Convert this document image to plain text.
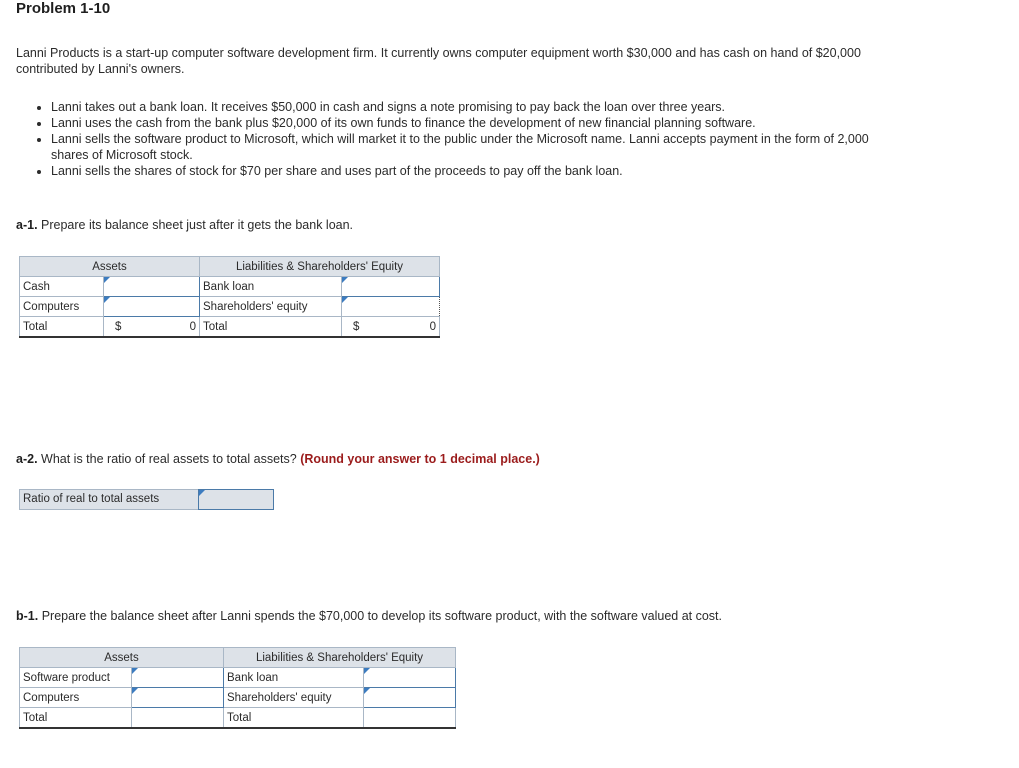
Problem 1-10
Lanni Products is a start-up computer software development firm. It currently owns computer equipment worth $30,000 and has cash on hand of $20,000 contributed by Lanni's owners.
• Lanni takes out a bank loan. It receives $50,000 in cash and signs a note promising to pay back the loan over three years.
• Lanni uses the cash from the bank plus $20,000 of its own funds to finance the development of new financial planning software.
• Lanni sells the software product to Microsoft, which will market it to the public under the Microsoft name. Lanni accepts payment in the form of 2,000 shares of Microsoft stock.
• Lanni sells the shares of stock for $70 per share and uses part of the proceeds to pay off the bank loan.
a-1. Prepare its balance sheet just after it gets the bank loan.
Assets		Liabilities & Shareholders' Equity	
Cash		Bank loan	
Computers		Shareholders' equity	
Total	$ 0	Total	$ 0
a-2. What is the ratio of real assets to total assets? (Round your answer to 1 decimal place.)
Ratio of real to total assets
b-1. Prepare the balance sheet after Lanni spends the $70,000 to develop its software product, with the software valued at cost.
Assets		Liabilities & Shareholders' Equity	
Software product		Bank loan	
Computers		Shareholders' equity	
Total		Total	
